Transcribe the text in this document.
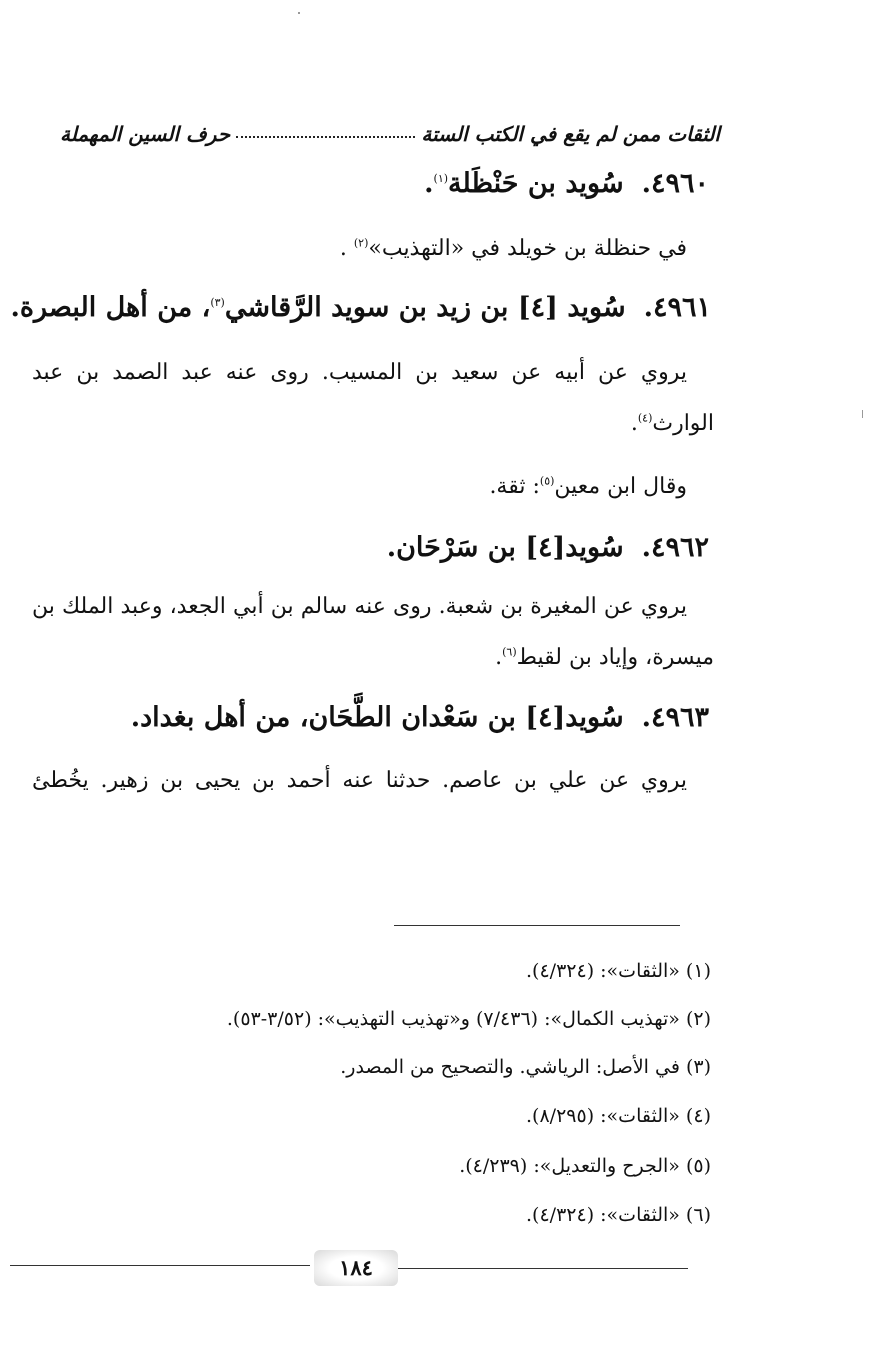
حرف السين المهملة	الثقات ممن لم يقع في الكتب الستة
٤٩٦٠.سُويد بن حَنْظَلة$^{(١)}$.
في حنظلة بن خويلد في «التهذيب»$^{(٢)}$ .
٤٩٦١.سُويد [٤] بن زيد بن سويد الرَّقاشي$^{(٣)}$، من أهل البصرة.
يروي عن أبيه عن سعيد بن المسيب. روى عنه عبد الصمد بن عبد
الوارث$^{(٤)}$.
وقال ابن معين$^{(٥)}$: ثقة.
٤٩٦٢.سُويد[٤] بن سَرْحَان.
يروي عن المغيرة بن شعبة. روى عنه سالم بن أبي الجعد، وعبد الملك بن
ميسرة، وإياد بن لقيط$^{(٦)}$.
٤٩٦٣.سُويد[٤] بن سَعْدان الطَّحَان، من أهل بغداد.
يروي عن علي بن عاصم. حدثنا عنه أحمد بن يحيى بن زهير. يخُطئ
(١) «الثقات»: (٤/٣٢٤).
(٢) «تهذيب الكمال»: (٧/٤٣٦) و«تهذيب التهذيب»: (٣/٥٢-٥٣).
(٣) في الأصل: الرياشي. والتصحيح من المصدر.
(٤) «الثقات»: (٨/٢٩٥).
(٥) «الجرح والتعديل»: (٤/٢٣٩).
(٦) «الثقات»: (٤/٣٢٤).
١٨٤
